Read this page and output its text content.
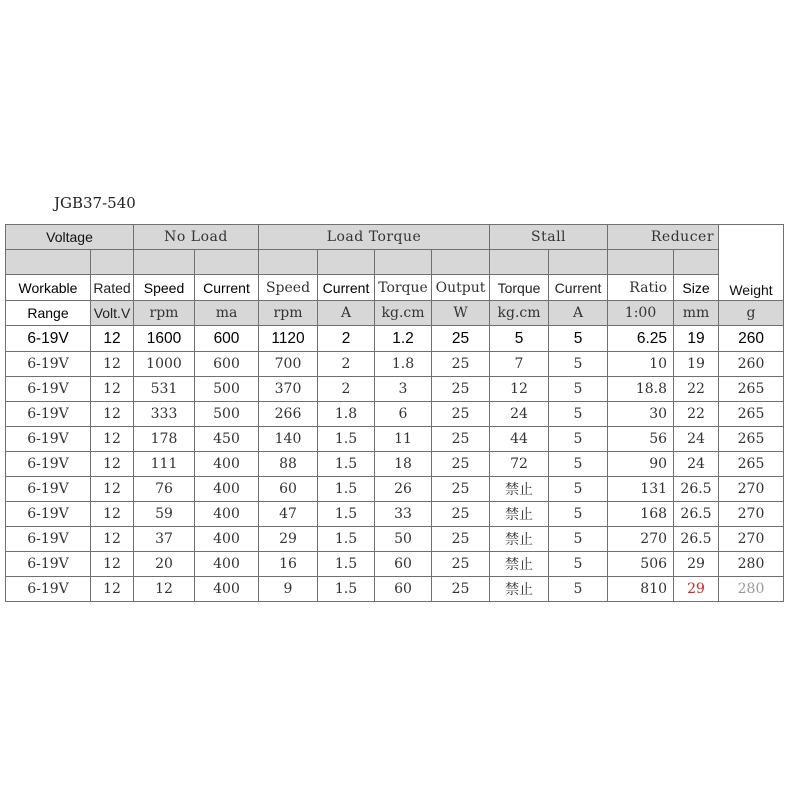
JGB37-540
Voltage		No Load		Load Torque				Stall		Reducer		Weight

Workable	Rated	Speed	Current	Speed	Current	Torque	Output	Torque	Current	Ratio	Size	
Range	Volt.V	rpm	ma	rpm	A	kg.cm	W	kg.cm	A	1:00	mm	g
6-19V	12	1600	600	1120	2	1.2	25	5	5	6.25	19	260
6-19V	12	1000	600	700	2	1.8	25	7	5	10	19	260
6-19V	12	531	500	370	2	3	25	12	5	18.8	22	265
6-19V	12	333	500	266	1.8	6	25	24	5	30	22	265
6-19V	12	178	450	140	1.5	11	25	44	5	56	24	265
6-19V	12	111	400	88	1.5	18	25	72	5	90	24	265
6-19V	12	76	400	60	1.5	26	25	禁止	5	131	26.5	270
6-19V	12	59	400	47	1.5	33	25	禁止	5	168	26.5	270
6-19V	12	37	400	29	1.5	50	25	禁止	5	270	26.5	270
6-19V	12	20	400	16	1.5	60	25	禁止	5	506	29	280
6-19V	12	12	400	9	1.5	60	25	禁止	5	810	29	280
